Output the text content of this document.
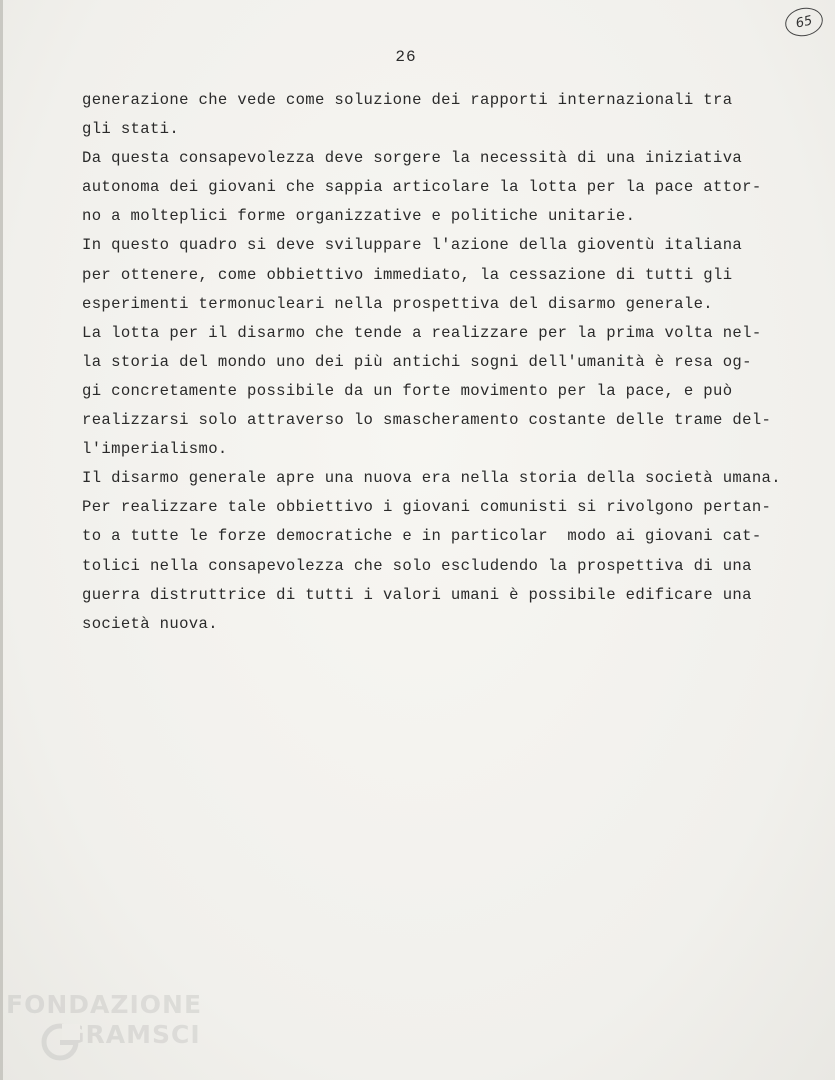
65
26
generazione che vede come soluzione dei rapporti internazionali tra
gli stati.
Da questa consapevolezza deve sorgere la necessità di una iniziativa
autonoma dei giovani che sappia articolare la lotta per la pace attor-
no a molteplici forme organizzative e politiche unitarie.
In questo quadro si deve sviluppare l'azione della gioventù italiana
per ottenere, come obbiettivo immediato, la cessazione di tutti gli
esperimenti termonucleari nella prospettiva del disarmo generale.
La lotta per il disarmo che tende a realizzare per la prima volta nel-
la storia del mondo uno dei più antichi sogni dell'umanità è resa og-
gi concretamente possibile da un forte movimento per la pace, e può
realizzarsi solo attraverso lo smascheramento costante delle trame del-
l'imperialismo.
Il disarmo generale apre una nuova era nella storia della società umana.
Per realizzare tale obbiettivo i giovani comunisti si rivolgono pertan-
to a tutte le forze democratiche e in particolar  modo ai giovani cat-
tolici nella consapevolezza che solo escludendo la prospettiva di una
guerra distruttrice di tutti i valori umani è possibile edificare una
società nuova.
FONDAZIONE
GRAMSCI
